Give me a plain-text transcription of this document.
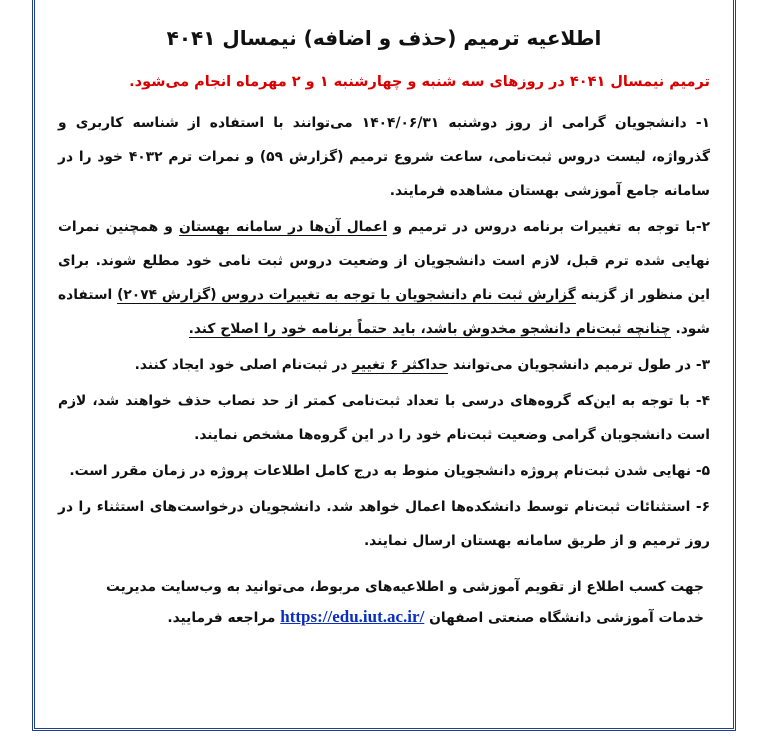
اطلاعیه ترمیم (حذف و اضافه) نیمسال ۴۰۴۱
ترمیم نیمسال ۴۰۴۱ در روزهای سه شنبه و چهارشنبه ۱ و ۲ مهرماه انجام می‌شود.
۱- دانشجویان گرامی از روز دوشنبه ۱۴۰۴/۰۶/۳۱ می‌توانند با استفاده از شناسه کاربری و گذرواژه، لیست دروس ثبت‌نامی، ساعت شروع ترمیم (گزارش ۵۹) و نمرات ترم ۴۰۳۲ خود را در سامانه جامع آموزشی بهستان مشاهده فرمایند.
۲-با توجه به تغییرات برنامه دروس در ترمیم و اعمال آن‌ها در سامانه بهستان و همچنین نمرات نهایی شده ترم قبل، لازم است دانشجویان از وضعیت دروس ثبت نامی خود مطلع شوند. برای این منظور از گزینه گزارش ثبت نام دانشجویان با توجه به تغییرات دروس (گزارش ۲۰۷۴) استفاده شود. چنانچه ثبت‌نام دانشجو مخدوش باشد، باید حتماً برنامه خود را اصلاح کند.
۳- در طول ترمیم دانشجویان می‌توانند حداکثر ۶ تغییر در ثبت‌نام اصلی خود ایجاد کنند.
۴- با توجه به این‌که گروه‌های درسی با تعداد ثبت‌نامی کمتر از حد نصاب حذف خواهند شد، لازم است دانشجویان گرامی وضعیت ثبت‌نام خود را در این گروه‌ها مشخص نمایند.
۵- نهایی شدن ثبت‌نام پروژه دانشجویان منوط به درج کامل اطلاعات پروژه در زمان مقرر است.
۶- استثنائات ثبت‌نام توسط دانشکده‌ها اعمال خواهد شد. دانشجویان درخواست‌های استثناء را در روز ترمیم و از طریق سامانه بهستان ارسال نمایند.
جهت کسب اطلاع از تقویم آموزشی و اطلاعیه‌های مربوط، می‌توانید به وب‌سایت مدیریت
خدمات آموزشی دانشگاه صنعتی اصفهان https://edu.iut.ac.ir/ مراجعه فرمایید.
